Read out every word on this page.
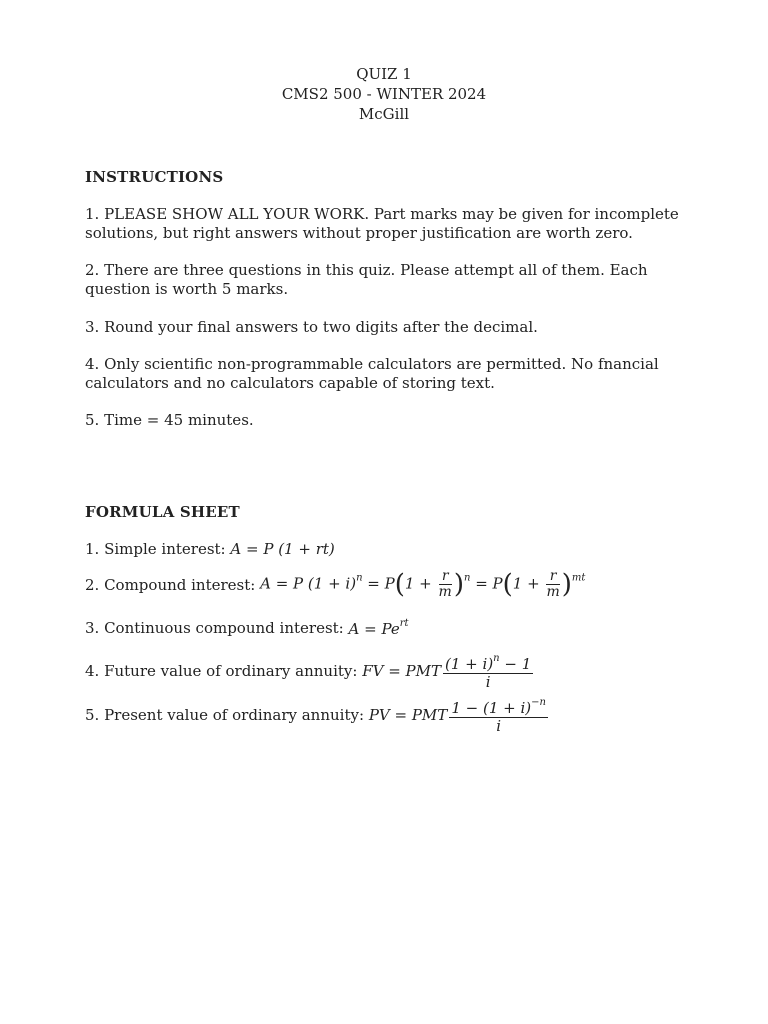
QUIZ 1
CMS2 500 - WINTER 2024
McGill
INSTRUCTIONS
1. PLEASE SHOW ALL YOUR WORK. Part marks may be given for incomplete solutions, but right answers without proper justification are worth zero.
2. There are three questions in this quiz. Please attempt all of them. Each question is worth 5 marks.
3. Round your final answers to two digits after the decimal.
4. Only scientific non-programmable calculators are permitted. No fnancial calculators and no calculators capable of storing text.
5. Time = 45 minutes.
FORMULA SHEET
1. Simple interest:
A = P (1 + rt)
2. Compound interest:
A = P $(1 + i)^n = P(1 + \frac{r}{m} )^n = P(1 + \frac{r}{m} )^{mt}$
3. Continuous compound interest:
$A = Pe^{rt}$
4. Future value of ordinary annuity:
FV = PMT $\frac{(1 + i)^n - 1}{i}$
5. Present value of ordinary annuity:
PV = PMT $\frac{1 - (1 + i)^{-n}}{i}$
